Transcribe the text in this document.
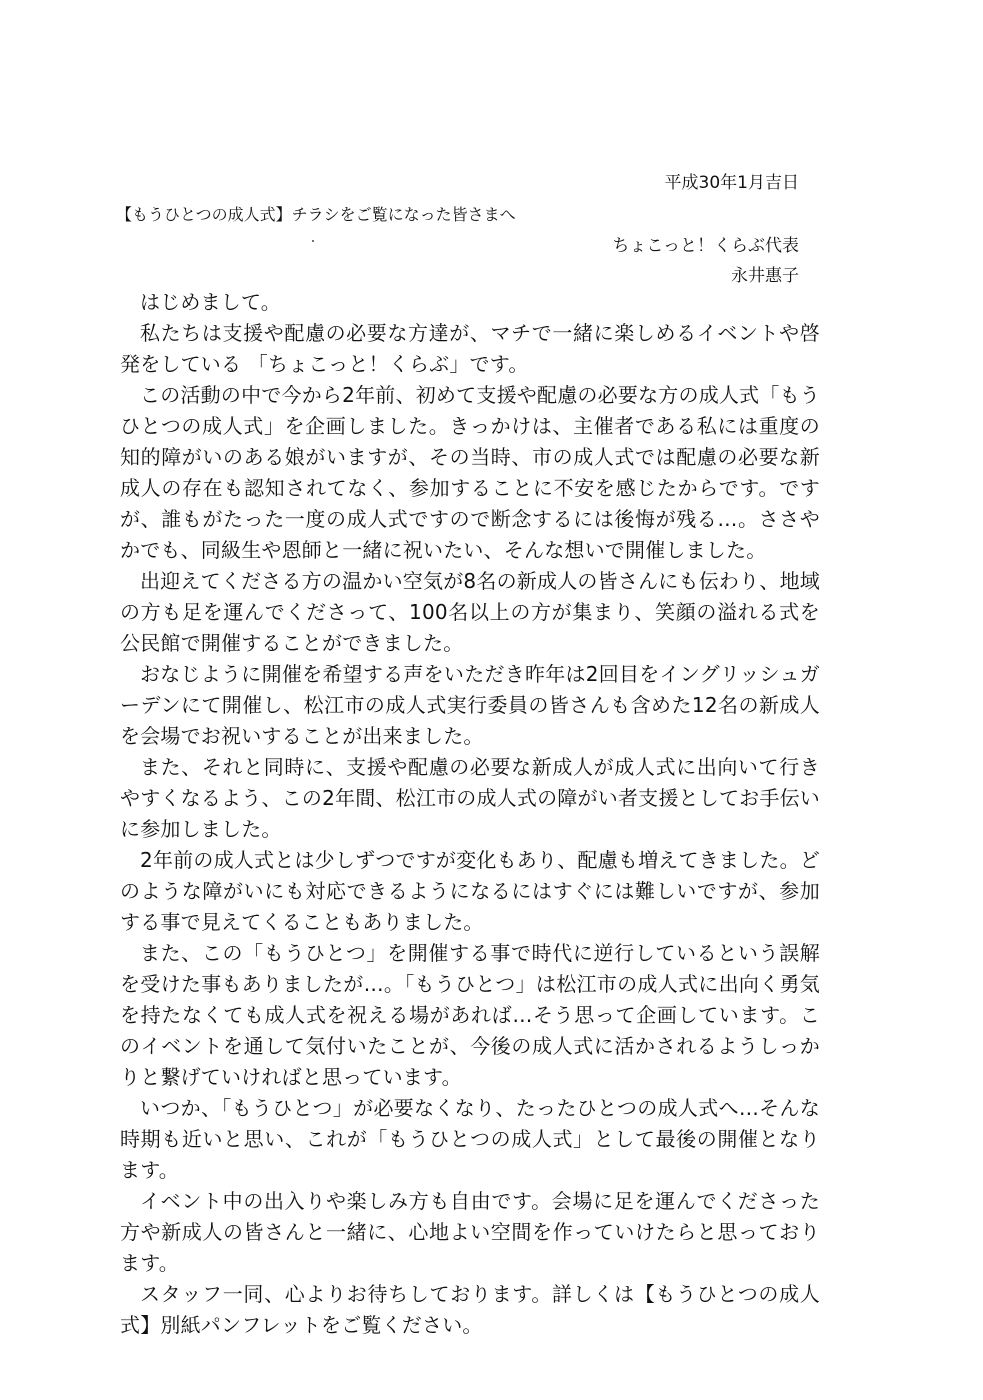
平成30年1月吉日
【もうひとつの成人式】チラシをご覧になった皆さまへ
ちょこっと！くらぶ代表
永井惠子

はじめまして。

私たちは支援や配慮の必要な方達が、マチで一緒に楽しめるイベントや啓発をしている 「ちょこっと！くらぶ」です。

この活動の中で今から2年前、初めて支援や配慮の必要な方の成人式「もうひとつの成人式」を企画しました。きっかけは、主催者である私には重度の知的障がいのある娘がいますが、その当時、市の成人式では配慮の必要な新成人の存在も認知されてなく、参加することに不安を感じたからです。ですが、誰もがたった一度の成人式ですので断念するには後悔が残る…。ささやかでも、同級生や恩師と一緒に祝いたい、そんな想いで開催しました。

出迎えてくださる方の温かい空気が8名の新成人の皆さんにも伝わり、地域の方も足を運んでくださって、100名以上の方が集まり、笑顔の溢れる式を公民館で開催することができました。

おなじように開催を希望する声をいただき昨年は2回目をイングリッシュガーデンにて開催し、松江市の成人式実行委員の皆さんも含めた12名の新成人を会場でお祝いすることが出来ました。

また、それと同時に、支援や配慮の必要な新成人が成人式に出向いて行きやすくなるよう、この2年間、松江市の成人式の障がい者支援としてお手伝いに参加しました。

2年前の成人式とは少しずつですが変化もあり、配慮も増えてきました。どのような障がいにも対応できるようになるにはすぐには難しいですが、参加する事で見えてくることもありました。

また、この「もうひとつ」を開催する事で時代に逆行しているという誤解を受けた事もありましたが…。「もうひとつ」は松江市の成人式に出向く勇気を持たなくても成人式を祝える場があれば…そう思って企画しています。このイベントを通して気付いたことが、今後の成人式に活かされるようしっかりと繋げていければと思っています。

いつか、「もうひとつ」が必要なくなり、たったひとつの成人式へ…そんな時期も近いと思い、これが「もうひとつの成人式」として最後の開催となります。

イベント中の出入りや楽しみ方も自由です。会場に足を運んでくださった方や新成人の皆さんと一緒に、心地よい空間を作っていけたらと思っております。

スタッフ一同、心よりお待ちしております。詳しくは【もうひとつの成人式】別紙パンフレットをご覧ください。
